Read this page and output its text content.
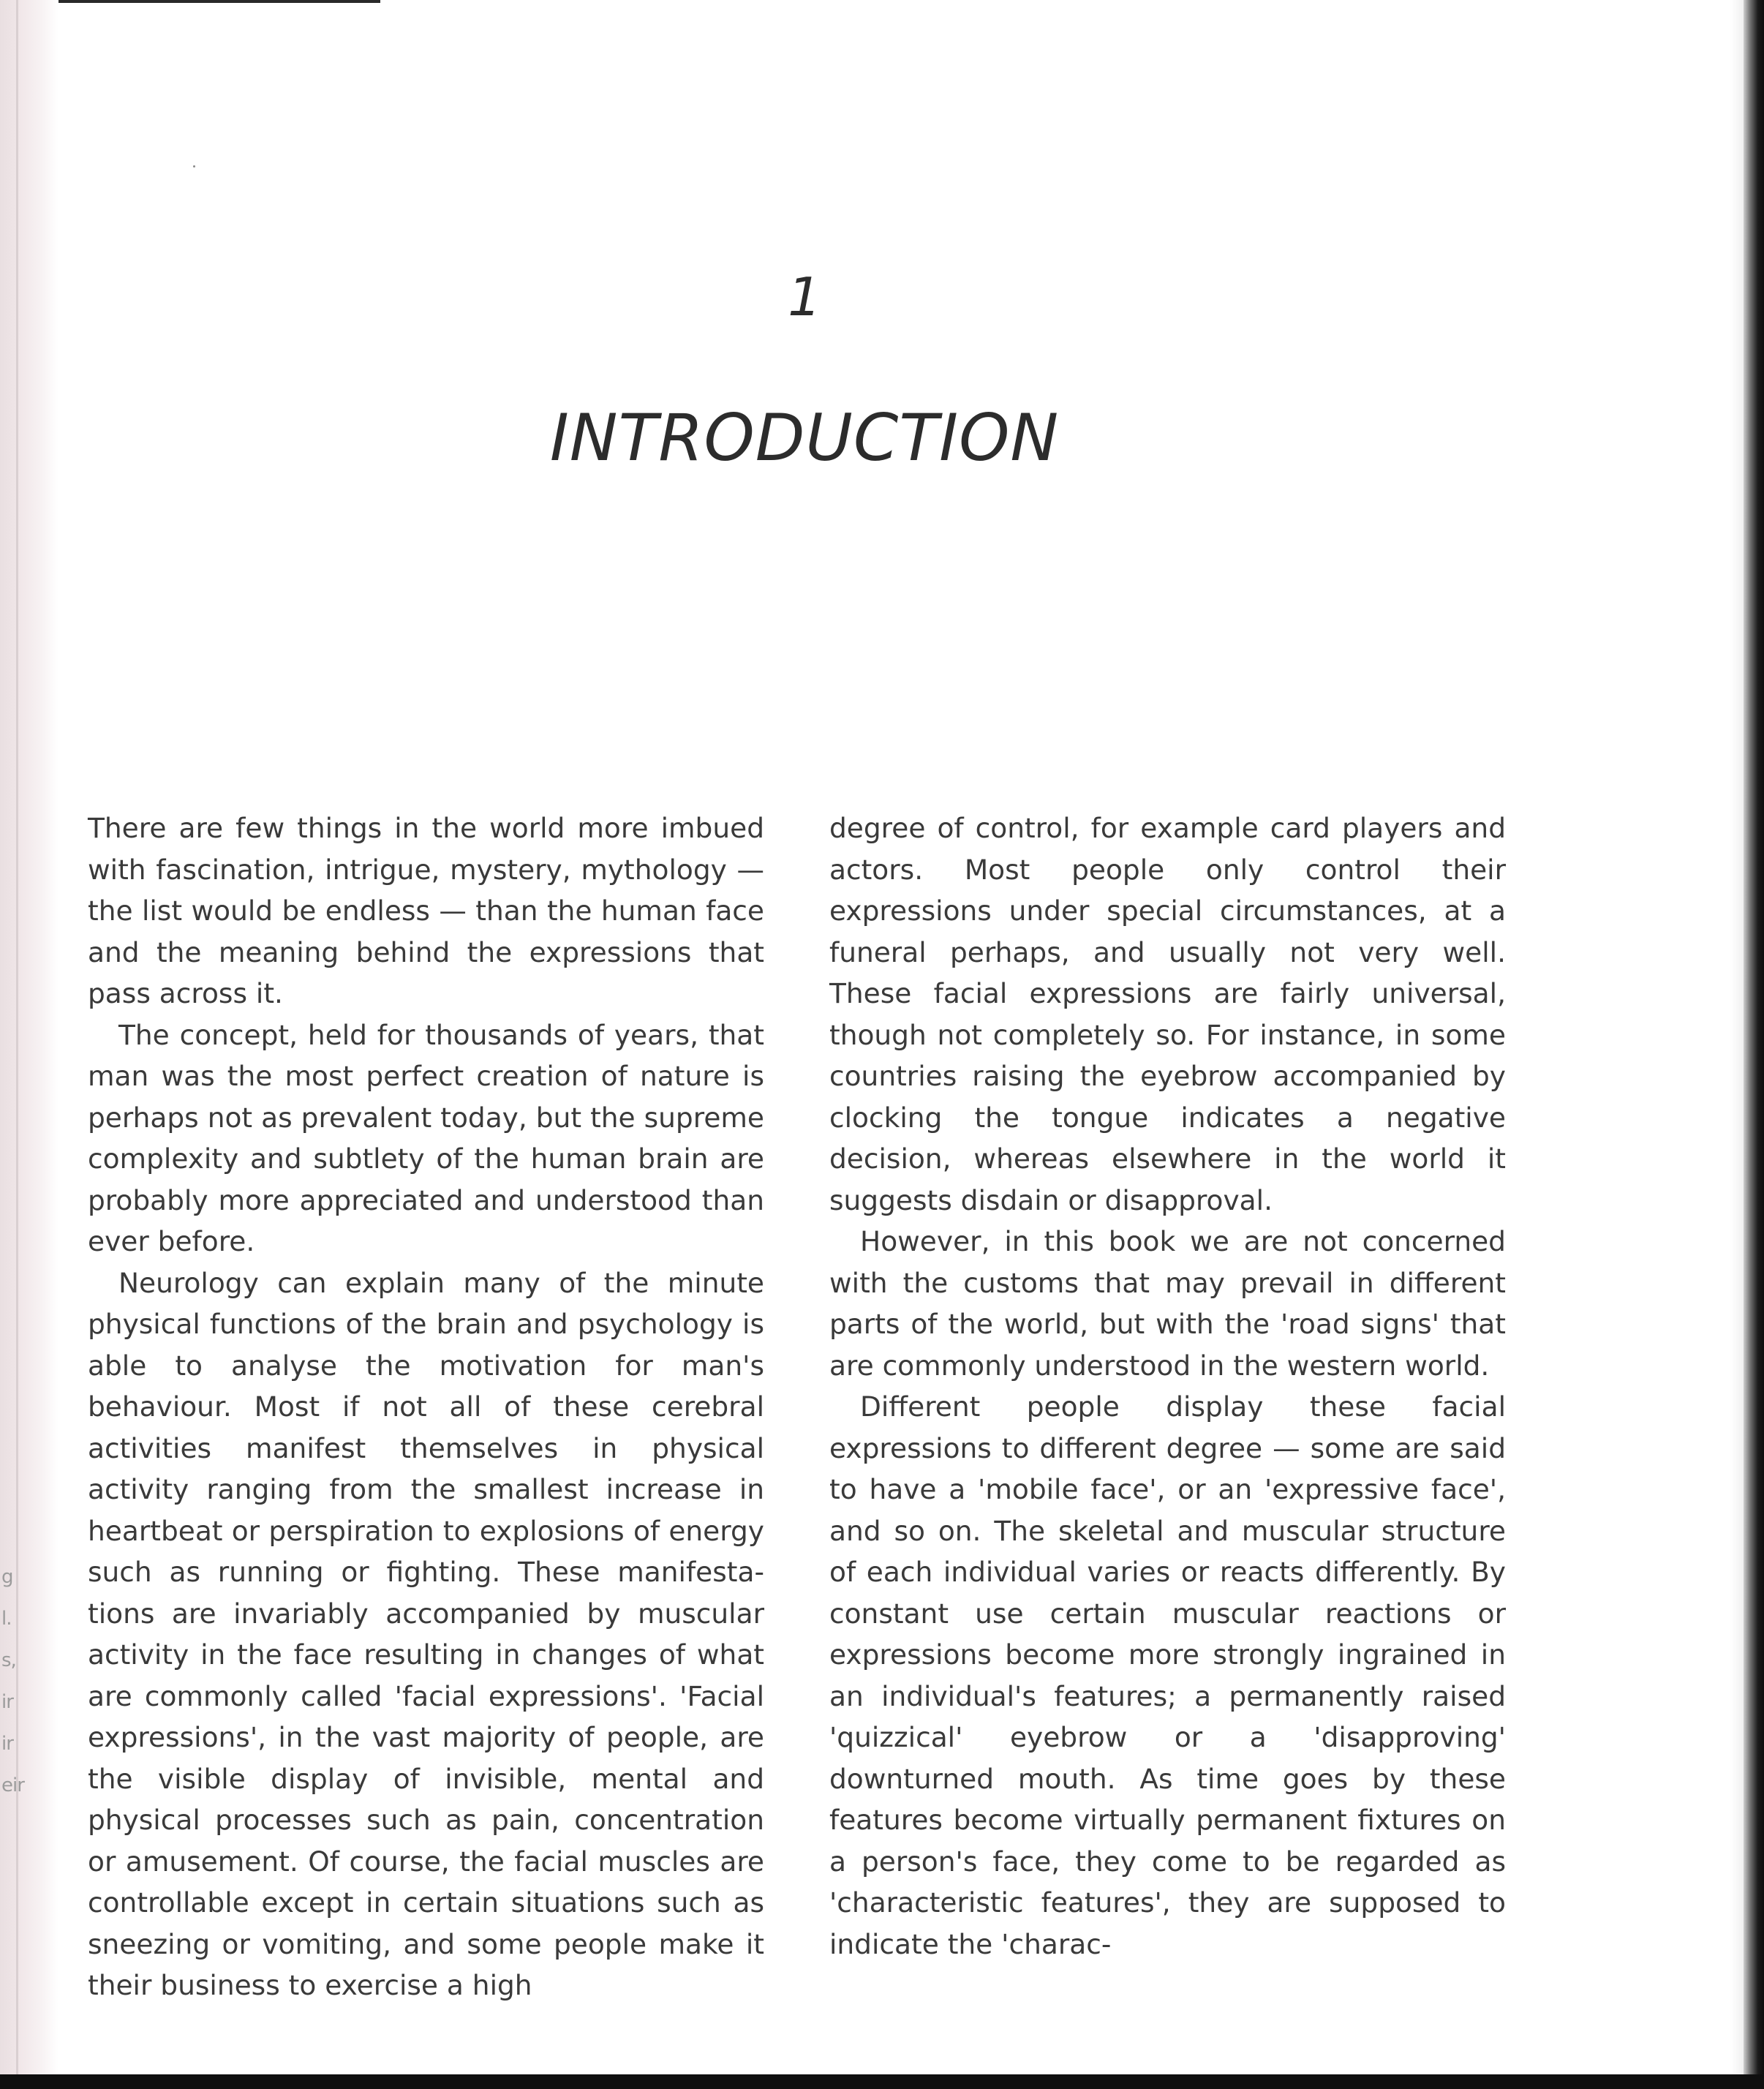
g
l.
s,
ir
ir
eir
1
INTRODUCTION

There are few things in the world more imbued with fascination, intrigue, mystery, mythology — the list would be endless — than the human face and the meaning behind the expressions that pass across it.

The concept, held for thousands of years, that man was the most perfect creation of nature is perhaps not as prevalent today, but the supreme complexity and subtlety of the human brain are probably more appreciated and understood than ever before.

Neurology can explain many of the minute physical functions of the brain and psychology is able to analyse the motivation for man's behaviour. Most if not all of these cerebral activities manifest themselves in physical activity ranging from the smallest increase in heartbeat or perspiration to explosions of energy such as running or fighting. These manifestations are invariably accompanied by muscular activity in the face resulting in changes of what are commonly called 'facial expressions'. 'Facial expressions', in the vast majority of people, are the visible display of invisible, mental and physical processes such as pain, concentration or amusement. Of course, the facial muscles are controllable except in certain situations such as sneezing or vomiting, and some people make it their business to exercise a high

degree of control, for example card players and actors. Most people only control their expressions under special circumstances, at a funeral perhaps, and usually not very well. These facial expressions are fairly universal, though not completely so. For instance, in some countries raising the eyebrow accompanied by clocking the tongue indicates a negative decision, whereas elsewhere in the world it suggests disdain or disapproval.

However, in this book we are not concerned with the customs that may prevail in different parts of the world, but with the 'road signs' that are commonly understood in the western world.

Different people display these facial expressions to different degree — some are said to have a 'mobile face', or an 'expressive face', and so on. The skeletal and muscular structure of each individual varies or reacts differently. By constant use certain muscular reactions or expressions become more strongly ingrained in an individual's features; a permanently raised 'quizzical' eyebrow or a 'disapproving' downturned mouth. As time goes by these features become virtually permanent fixtures on a person's face, they come to be regarded as 'characteristic features', they are supposed to indicate the 'charac-
